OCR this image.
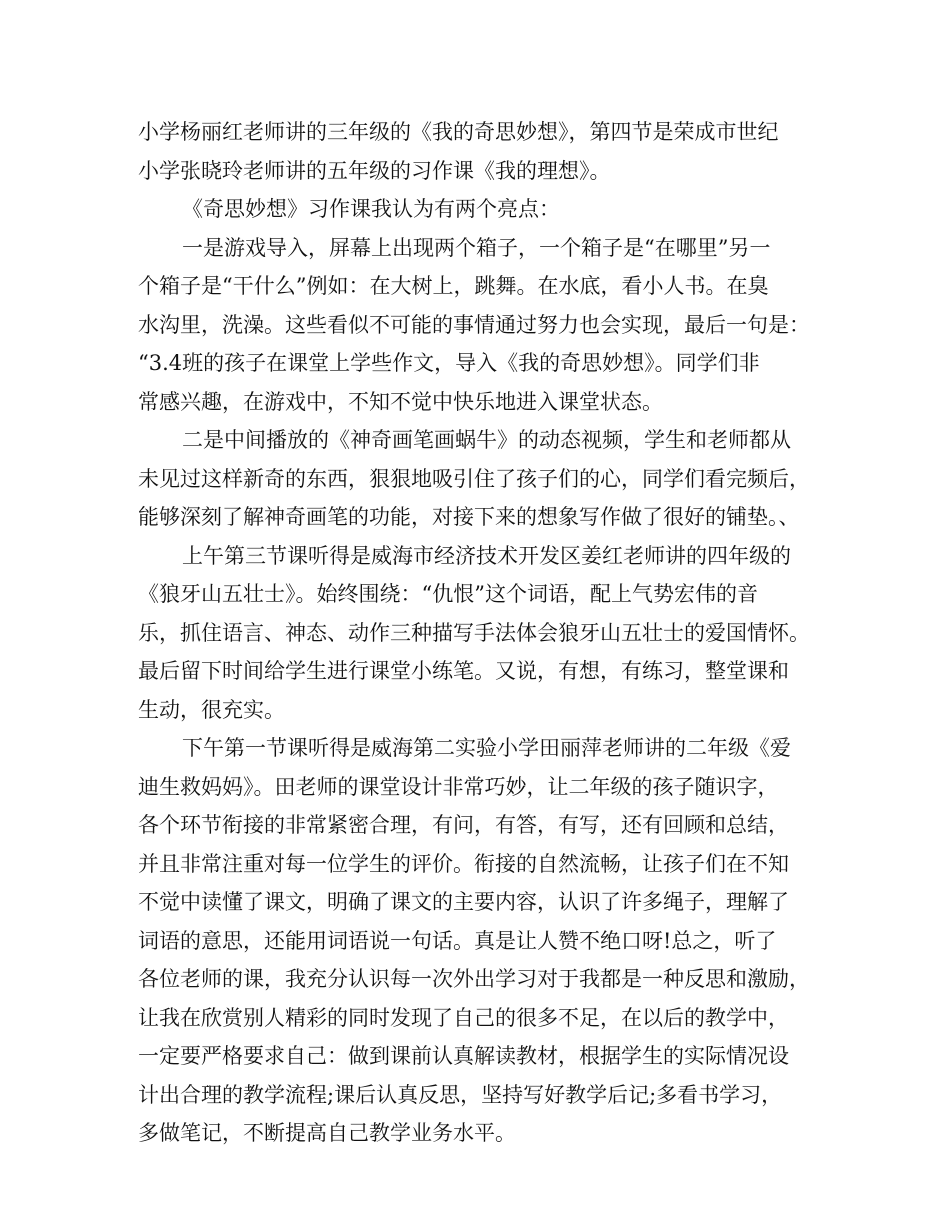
小学杨丽红老师讲的三年级的《我的奇思妙想》，第四节是荣成市世纪
小学张晓玲老师讲的五年级的习作课《我的理想》。
《奇思妙想》习作课我认为有两个亮点：
一是游戏导入，屏幕上出现两个箱子，一个箱子是“在哪里”另一
个箱子是“干什么”例如：在大树上，跳舞。在水底，看小人书。在臭
水沟里，洗澡。这些看似不可能的事情通过努力也会实现，最后一句是：
“3.4班的孩子在课堂上学些作文，导入《我的奇思妙想》。同学们非
常感兴趣，在游戏中，不知不觉中快乐地进入课堂状态。
二是中间播放的《神奇画笔画蜗牛》的动态视频，学生和老师都从
未见过这样新奇的东西，狠狠地吸引住了孩子们的心，同学们看完频后，
能够深刻了解神奇画笔的功能，对接下来的想象写作做了很好的铺垫。、
上午第三节课听得是威海市经济技术开发区姜红老师讲的四年级的
《狼牙山五壮士》。始终围绕：“仇恨”这个词语，配上气势宏伟的音
乐，抓住语言、神态、动作三种描写手法体会狼牙山五壮士的爱国情怀。
最后留下时间给学生进行课堂小练笔。又说，有想，有练习，整堂课和
生动，很充实。
下午第一节课听得是威海第二实验小学田丽萍老师讲的二年级《爱
迪生救妈妈》。田老师的课堂设计非常巧妙，让二年级的孩子随识字，
各个环节衔接的非常紧密合理，有问，有答，有写，还有回顾和总结，
并且非常注重对每一位学生的评价。衔接的自然流畅，让孩子们在不知
不觉中读懂了课文，明确了课文的主要内容，认识了许多绳子，理解了
词语的意思，还能用词语说一句话。真是让人赞不绝口呀!总之，听了
各位老师的课，我充分认识每一次外出学习对于我都是一种反思和激励，
让我在欣赏别人精彩的同时发现了自己的很多不足，在以后的教学中，
一定要严格要求自己：做到课前认真解读教材，根据学生的实际情况设
计出合理的教学流程;课后认真反思，坚持写好教学后记;多看书学习，
多做笔记，不断提高自己教学业务水平。
